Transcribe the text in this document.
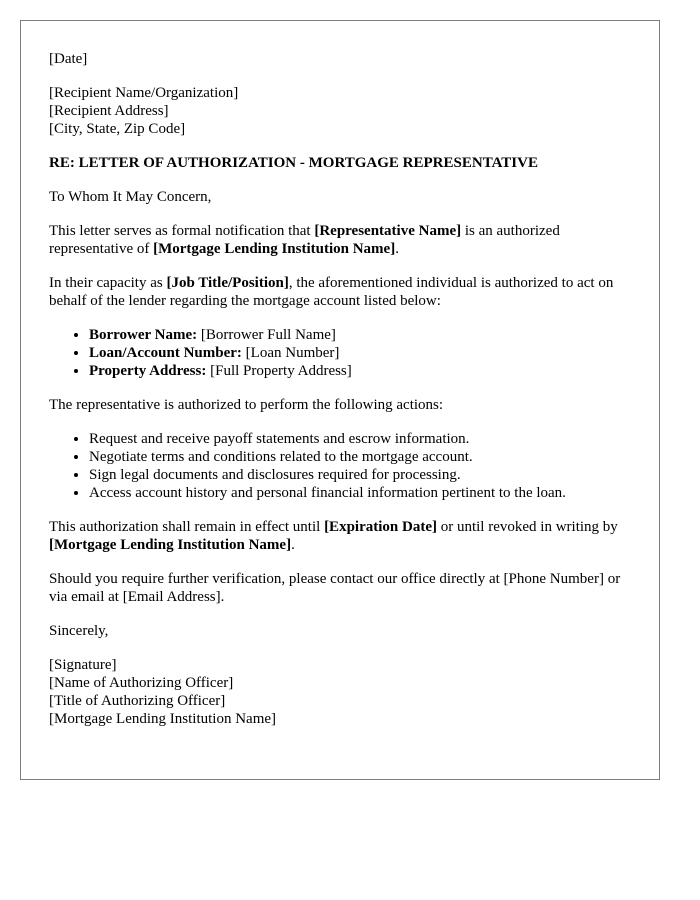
[Date]
[Recipient Name/Organization]
[Recipient Address]
[City, State, Zip Code]

RE: LETTER OF AUTHORIZATION - MORTGAGE REPRESENTATIVE

To Whom It May Concern,

This letter serves as formal notification that [Representative Name] is an authorized representative of [Mortgage Lending Institution Name].

In their capacity as [Job Title/Position], the aforementioned individual is authorized to act on behalf of the lender regarding the mortgage account listed below:

• Borrower Name: [Borrower Full Name]
• Loan/Account Number: [Loan Number]
• Property Address: [Full Property Address]

The representative is authorized to perform the following actions:

• Request and receive payoff statements and escrow information.
• Negotiate terms and conditions related to the mortgage account.
• Sign legal documents and disclosures required for processing.
• Access account history and personal financial information pertinent to the loan.

This authorization shall remain in effect until [Expiration Date] or until revoked in writing by [Mortgage Lending Institution Name].

Should you require further verification, please contact our office directly at [Phone Number] or via email at [Email Address].

Sincerely,

[Signature]
[Name of Authorizing Officer]
[Title of Authorizing Officer]
[Mortgage Lending Institution Name]
